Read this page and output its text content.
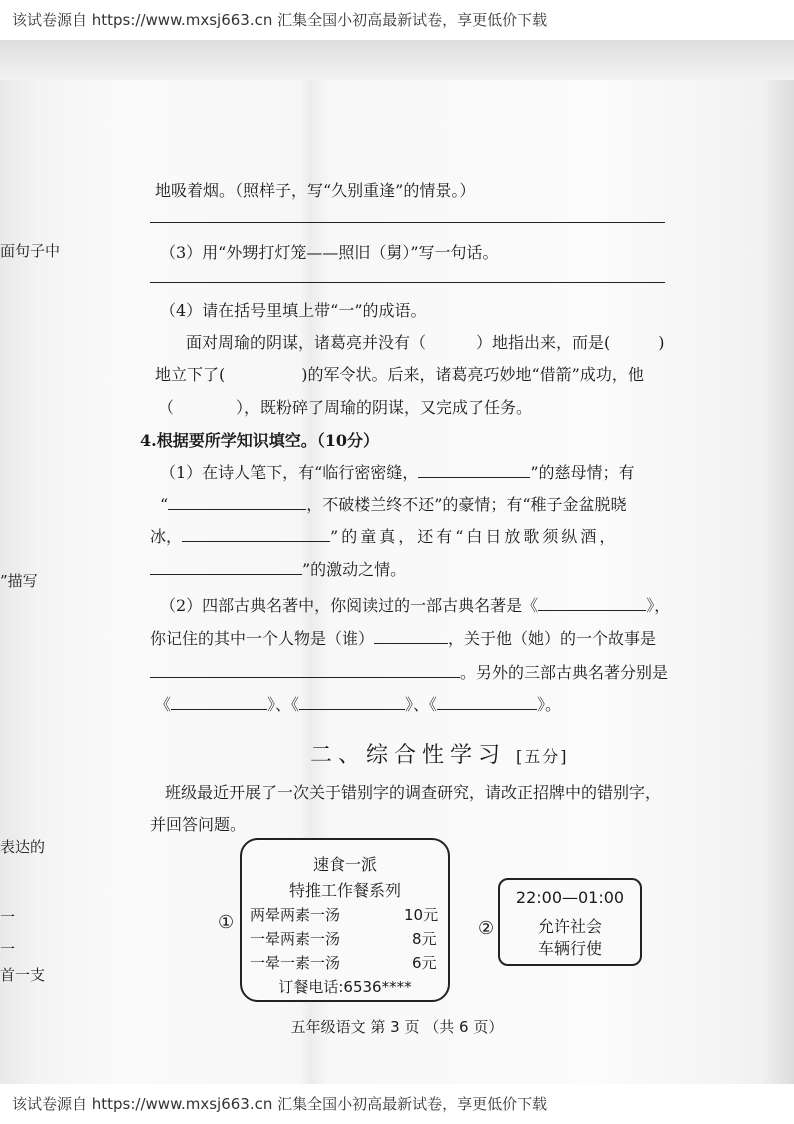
该试卷源自 https://www.mxsj663.cn 汇集全国小初高最新试卷，享更低价下载
面句子中
”描写
表达的
一
一
首一支
地吸着烟。（照样子，写“久别重逢”的情景。）
（3）用“外甥打灯笼——照旧（舅）”写一句话。
（4）请在括号里填上带“一”的成语。
面对周瑜的阴谋，诸葛亮并没有（	）地指出来，而是(	)
地立下了(	)的军令状。后来，诸葛亮巧妙地“借箭”成功，他
（	），既粉碎了周瑜的阴谋，又完成了任务。
4.根据要所学知识填空。（10分）
（1）在诗人笔下，有“临行密密缝，	”的慈母情；有
“	，不破楼兰终不还”的豪情；有“稚子金盆脱晓
冰，	”的童真，还有“白日放歌须纵酒，
”的激动之情。
（2）四部古典名著中，你阅读过的一部古典名著是《	》，
你记住的其中一个人物是（谁）	，关于他（她）的一个故事是
。另外的三部古典名著分别是
《	》、《	》、《	》。
二、综合性学习 [五分]
班级最近开展了一次关于错别字的调查研究，请改正招牌中的错别字，
并回答问题。
①
速食一派
特推工作餐系列
两晕两素一汤	10元
一晕两素一汤	8元
一晕一素一汤	6元
订餐电话:6536****
②
22:00—01:00
允许社会
车辆行使
五年级语文 第 3 页 （共 6 页）
该试卷源自 https://www.mxsj663.cn 汇集全国小初高最新试卷，享更低价下载
